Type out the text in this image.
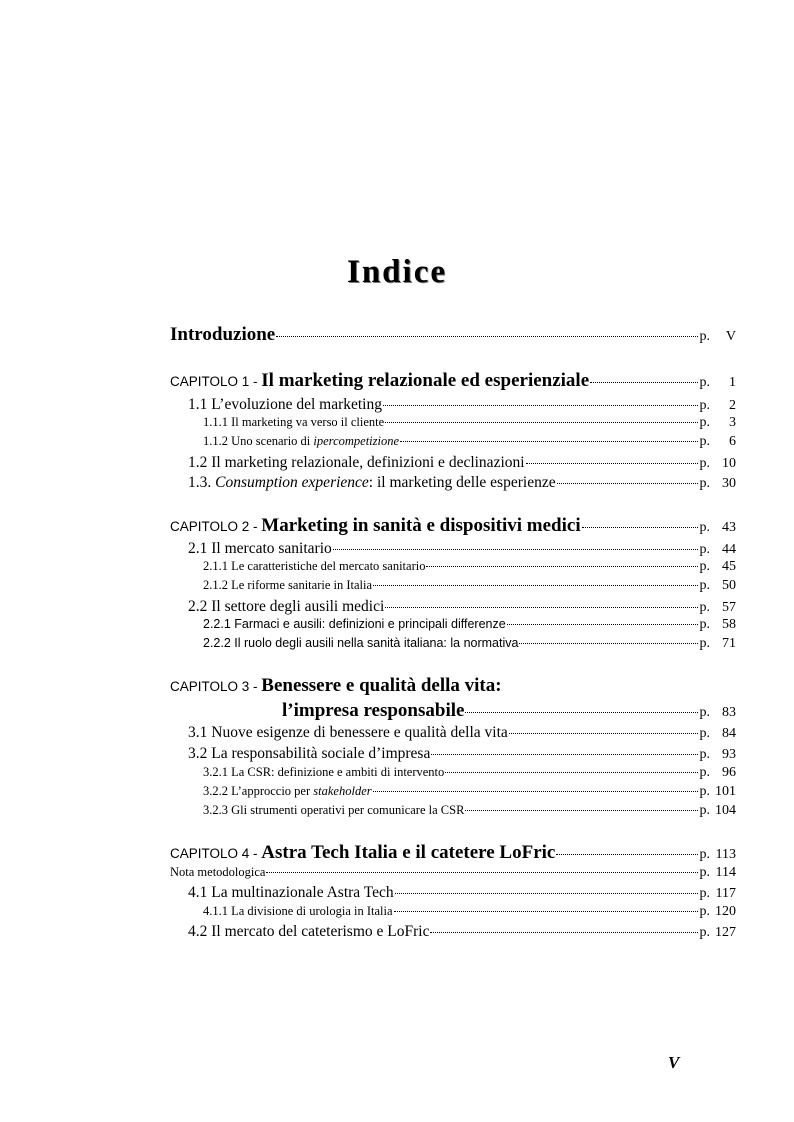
Indice
Introduzione	p.	V
CAPITOLO 1 - Il marketing relazionale ed esperienziale	p.	1
1.1 L’evoluzione del marketing	p.	2
1.1.1 Il marketing va verso il cliente	p.	3
1.1.2 Uno scenario di ipercompetizione	p.	6
1.2 Il marketing relazionale, definizioni e declinazioni	p. 10
1.3. Consumption experience: il marketing delle esperienze	p. 30
CAPITOLO 2 - Marketing in sanità e dispositivi medici	p. 43
2.1 Il mercato sanitario	p. 44
2.1.1 Le caratteristiche del mercato sanitario	p. 45
2.1.2 Le riforme sanitarie in Italia	p. 50
2.2 Il settore degli ausili medici	p. 57
2.2.1 Farmaci e ausili: definizioni e principali differenze	p. 58
2.2.2 Il ruolo degli ausili nella sanità italiana: la normativa	p. 71
CAPITOLO 3 - Benessere e qualità della vita:
l’impresa responsabile	p. 83
3.1 Nuove esigenze di benessere e qualità della vita	p. 84
3.2 La responsabilità sociale d’impresa	p. 93
3.2.1 La CSR: definizione e ambiti di intervento	p. 96
3.2.2 L’approccio per stakeholder	p. 101
3.2.3 Gli strumenti operativi per comunicare la CSR	p. 104
CAPITOLO 4 - Astra Tech Italia e il catetere LoFric	p. 113
Nota metodologica	p. 114
4.1 La multinazionale Astra Tech	p. 117
4.1.1 La divisione di urologia in Italia	p. 120
4.2 Il mercato del cateterismo e LoFric	p. 127
V
